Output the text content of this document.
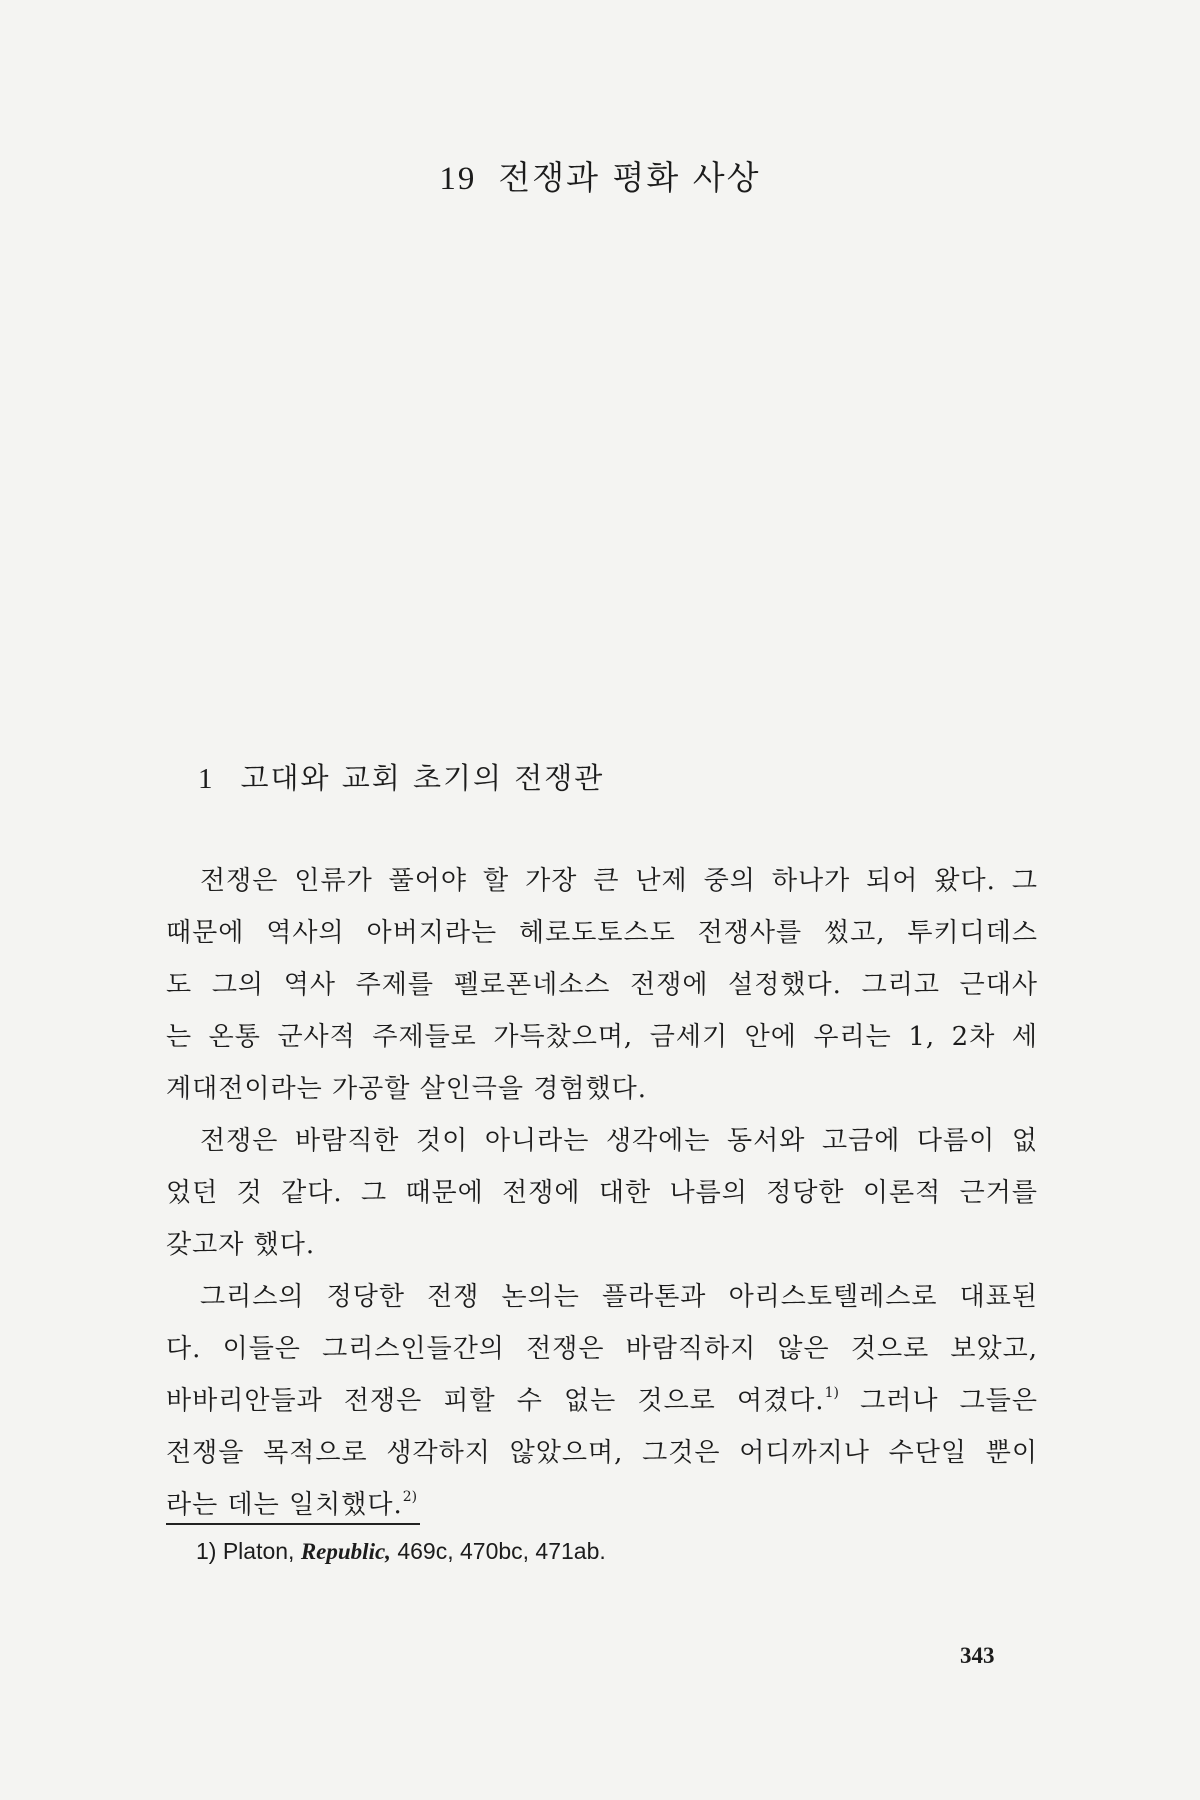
19 전쟁과 평화 사상
1 고대와 교회 초기의 전쟁관
전쟁은 인류가 풀어야 할 가장 큰 난제 중의 하나가 되어 왔다. 그
때문에 역사의 아버지라는 헤로도토스도 전쟁사를 썼고, 투키디데스
도 그의 역사 주제를 펠로폰네소스 전쟁에 설정했다. 그리고 근대사
는 온통 군사적 주제들로 가득찼으며, 금세기 안에 우리는 1, 2차 세
계대전이라는 가공할 살인극을 경험했다.
전쟁은 바람직한 것이 아니라는 생각에는 동서와 고금에 다름이 없
었던 것 같다. 그 때문에 전쟁에 대한 나름의 정당한 이론적 근거를
갖고자 했다.
그리스의 정당한 전쟁 논의는 플라톤과 아리스토텔레스로 대표된
다. 이들은 그리스인들간의 전쟁은 바람직하지 않은 것으로 보았고,
바바리안들과 전쟁은 피할 수 없는 것으로 여겼다.$^{1)}$ 그러나 그들은
전쟁을 목적으로 생각하지 않았으며, 그것은 어디까지나 수단일 뿐이
라는 데는 일치했다.$^{2)}$
1) Platon, Republic, 469c, 470bc, 471ab.
343
